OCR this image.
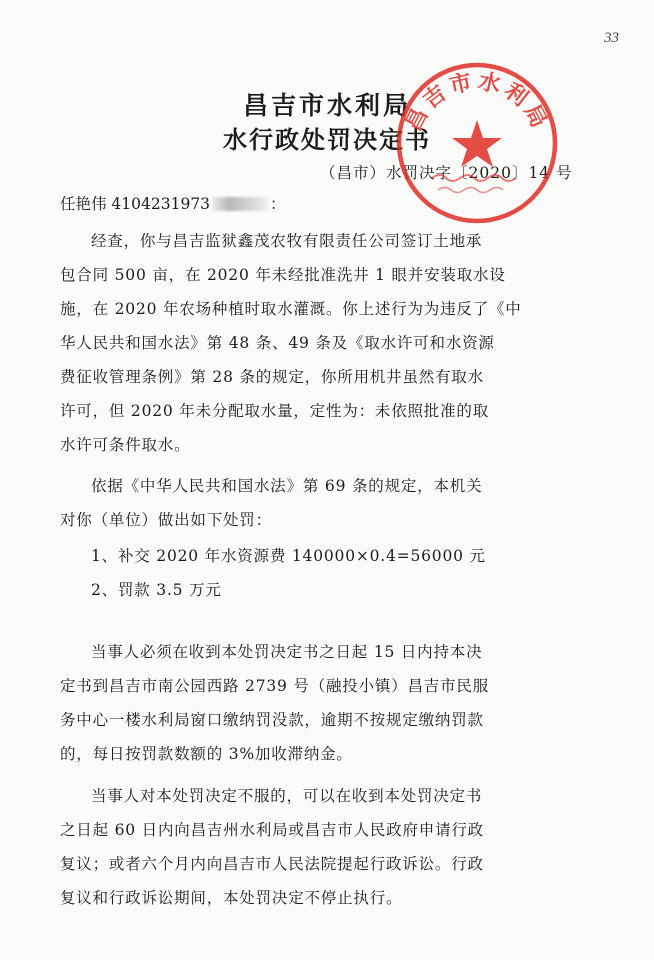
33
昌吉市水利局
水行政处罚决定书
（昌市）水罚决字〔2020〕14 号
任艳伟 4104231973	：
经查，你与昌吉监狱鑫茂农牧有限责任公司签订土地承
包合同 500 亩，在 2020 年未经批准洗井 1 眼并安装取水设
施，在 2020 年农场种植时取水灌溉。你上述行为为违反了《中
华人民共和国水法》第 48 条、49 条及《取水许可和水资源
费征收管理条例》第 28 条的规定，你所用机井虽然有取水
许可，但 2020 年未分配取水量，定性为：未依照批准的取
水许可条件取水。
依据《中华人民共和国水法》第 69 条的规定，本机关
对你（单位）做出如下处罚：
1、补交 2020 年水资源费 140000×0.4=56000 元
2、罚款 3.5 万元
当事人必须在收到本处罚决定书之日起 15 日内持本决
定书到昌吉市南公园西路 2739 号（融投小镇）昌吉市民服
务中心一楼水利局窗口缴纳罚没款，逾期不按规定缴纳罚款
的，每日按罚款数额的 3%加收滞纳金。
当事人对本处罚决定不服的，可以在收到本处罚决定书
之日起 60 日内向昌吉州水利局或昌吉市人民政府申请行政
复议；或者六个月内向昌吉市人民法院提起行政诉讼。行政
复议和行政诉讼期间，本处罚决定不停止执行。
昌吉市水利局
